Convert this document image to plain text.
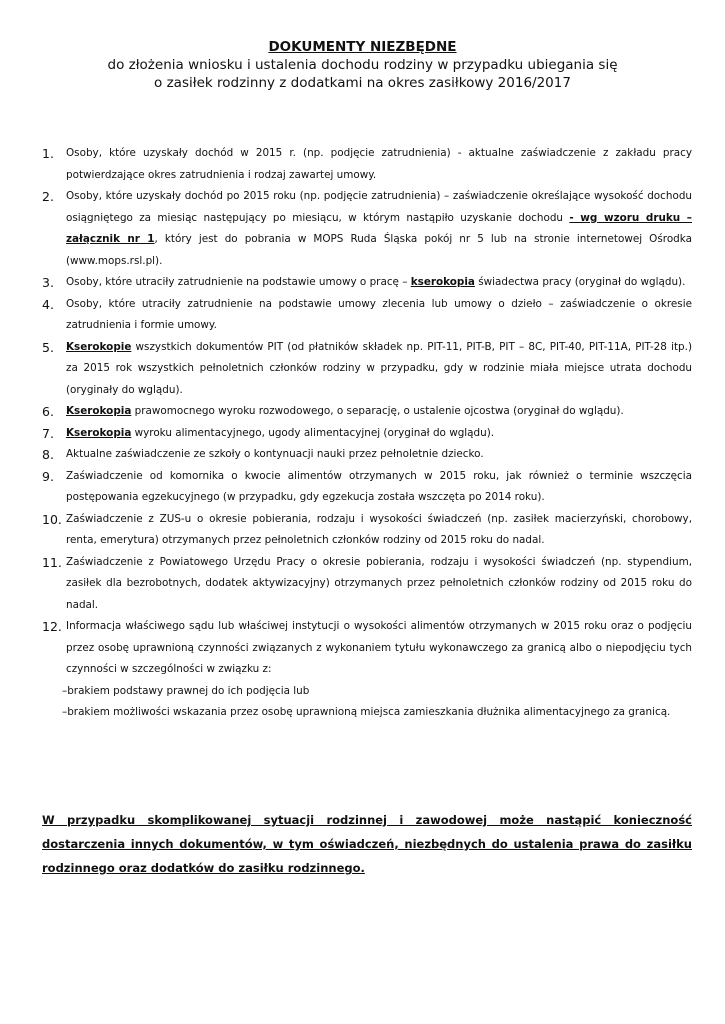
DOKUMENTY NIEZBĘDNE
do złożenia wniosku i ustalenia dochodu rodziny w przypadku ubiegania się
o zasiłek rodzinny z dodatkami na okres zasiłkowy 2016/2017
1.	Osoby, które uzyskały dochód w 2015 r. (np. podjęcie zatrudnienia) - aktualne zaświadczenie z zakładu pracy potwierdzające okres zatrudnienia i rodzaj zawartej umowy.
2.	Osoby, które uzyskały dochód po 2015 roku (np. podjęcie zatrudnienia) – zaświadczenie określające wysokość dochodu osiągniętego za miesiąc następujący po miesiącu, w którym nastąpiło uzyskanie dochodu - wg wzoru druku – załącznik nr 1, który jest do pobrania w MOPS Ruda Śląska pokój nr 5 lub na stronie internetowej Ośrodka (www.mops.rsl.pl).
3.	Osoby, które utraciły zatrudnienie na podstawie umowy o pracę – kserokopia świadectwa pracy (oryginał do wglądu).
4.	Osoby, które utraciły zatrudnienie na podstawie umowy zlecenia lub umowy o dzieło – zaświadczenie o okresie zatrudnienia i formie umowy.
5.	Kserokopie wszystkich dokumentów PIT (od płatników składek np. PIT-11, PIT-B, PIT – 8C, PIT-40, PIT-11A, PIT-28 itp.) za 2015 rok wszystkich pełnoletnich członków rodziny w przypadku, gdy w rodzinie miała miejsce utrata dochodu (oryginały do wglądu).
6.	Kserokopia prawomocnego wyroku rozwodowego, o separację, o ustalenie ojcostwa (oryginał do wglądu).
7.	Kserokopia wyroku alimentacyjnego, ugody alimentacyjnej (oryginał do wglądu).
8.	Aktualne zaświadczenie ze szkoły o kontynuacji nauki przez pełnoletnie dziecko.
9.	Zaświadczenie od komornika o kwocie alimentów otrzymanych w 2015 roku, jak również o terminie wszczęcia postępowania egzekucyjnego (w przypadku, gdy egzekucja została wszczęta po 2014 roku).
10. Zaświadczenie z ZUS-u o okresie pobierania, rodzaju i wysokości świadczeń (np. zasiłek macierzyński, chorobowy, renta, emerytura) otrzymanych przez pełnoletnich członków rodziny od 2015 roku do nadal.
11. Zaświadczenie z Powiatowego Urzędu Pracy o okresie pobierania, rodzaju i wysokości świadczeń (np. stypendium, zasiłek dla bezrobotnych, dodatek aktywizacyjny) otrzymanych przez pełnoletnich członków rodziny od 2015 roku do nadal.
12. Informacja właściwego sądu lub właściwej instytucji o wysokości alimentów otrzymanych w 2015 roku oraz o podjęciu przez osobę uprawnioną czynności związanych z wykonaniem tytułu wykonawczego za granicą albo o niepodjęciu tych czynności w szczególności w związku z:
–brakiem podstawy prawnej do ich podjęcia lub
–brakiem możliwości wskazania przez osobę uprawnioną miejsca zamieszkania dłużnika alimentacyjnego za granicą.
W przypadku skomplikowanej sytuacji rodzinnej i zawodowej może nastąpić konieczność dostarczenia innych dokumentów, w tym oświadczeń, niezbędnych do ustalenia prawa do zasiłku rodzinnego oraz dodatków do zasiłku rodzinnego.
